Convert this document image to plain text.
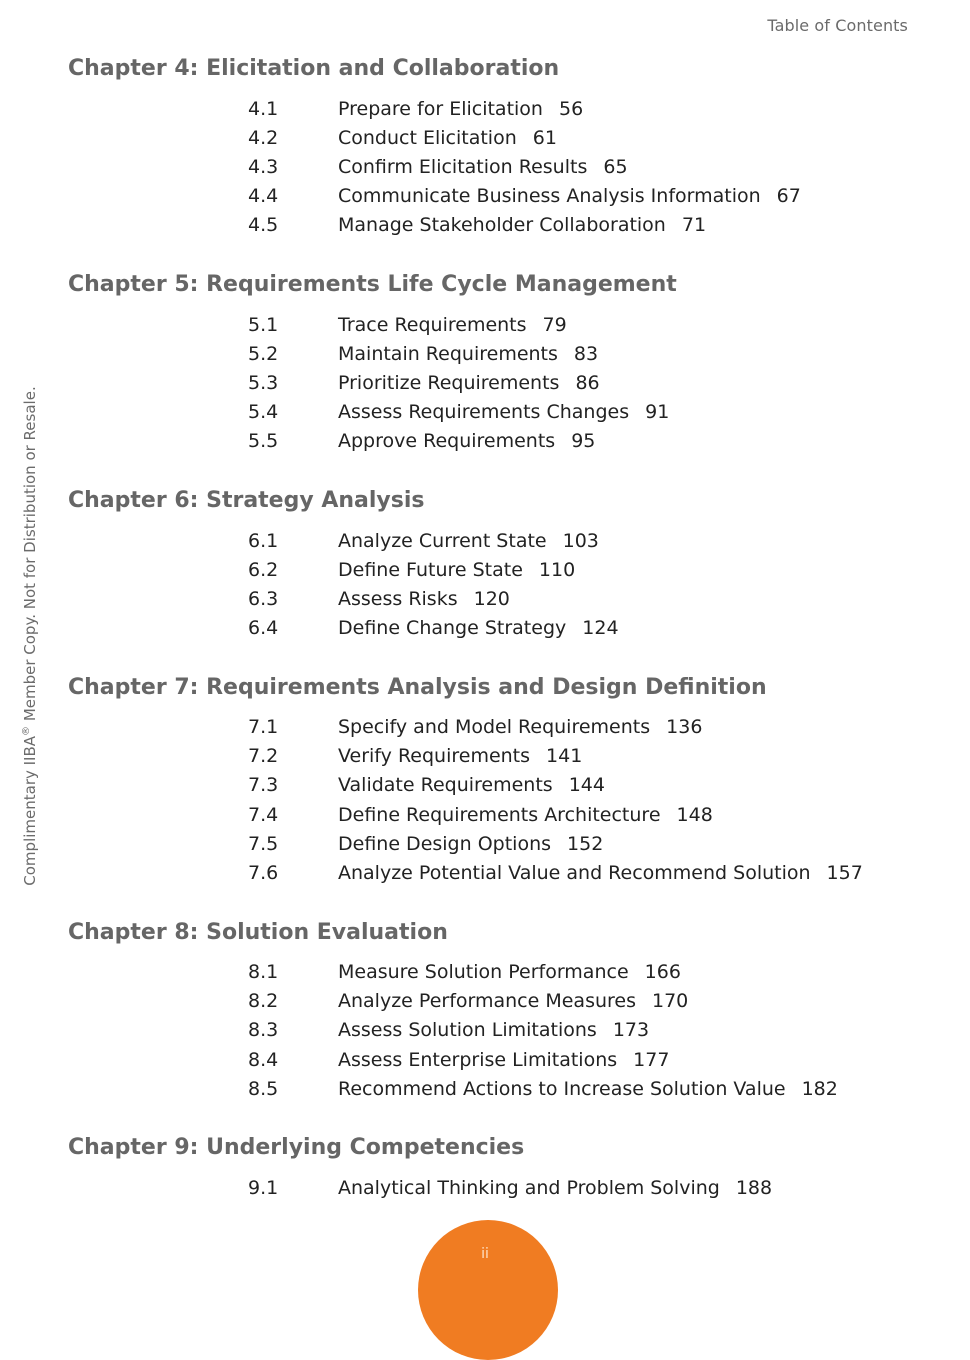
Table of Contents
Complimentary IIBA® Member Copy. Not for Distribution or Resale.
Chapter 4: Elicitation and Collaboration
4.1	Prepare for Elicitation 56
4.2	Conduct Elicitation 61
4.3	Confirm Elicitation Results 65
4.4	Communicate Business Analysis Information 67
4.5	Manage Stakeholder Collaboration 71
Chapter 5: Requirements Life Cycle Management
5.1	Trace Requirements 79
5.2	Maintain Requirements 83
5.3	Prioritize Requirements 86
5.4	Assess Requirements Changes 91
5.5	Approve Requirements 95
Chapter 6: Strategy Analysis
6.1	Analyze Current State 103
6.2	Define Future State 110
6.3	Assess Risks 120
6.4	Define Change Strategy 124
Chapter 7: Requirements Analysis and Design Definition
7.1	Specify and Model Requirements 136
7.2	Verify Requirements 141
7.3	Validate Requirements 144
7.4	Define Requirements Architecture 148
7.5	Define Design Options 152
7.6	Analyze Potential Value and Recommend Solution 157
Chapter 8: Solution Evaluation
8.1	Measure Solution Performance 166
8.2	Analyze Performance Measures 170
8.3	Assess Solution Limitations 173
8.4	Assess Enterprise Limitations 177
8.5	Recommend Actions to Increase Solution Value 182
Chapter 9: Underlying Competencies
9.1	Analytical Thinking and Problem Solving 188
ii
